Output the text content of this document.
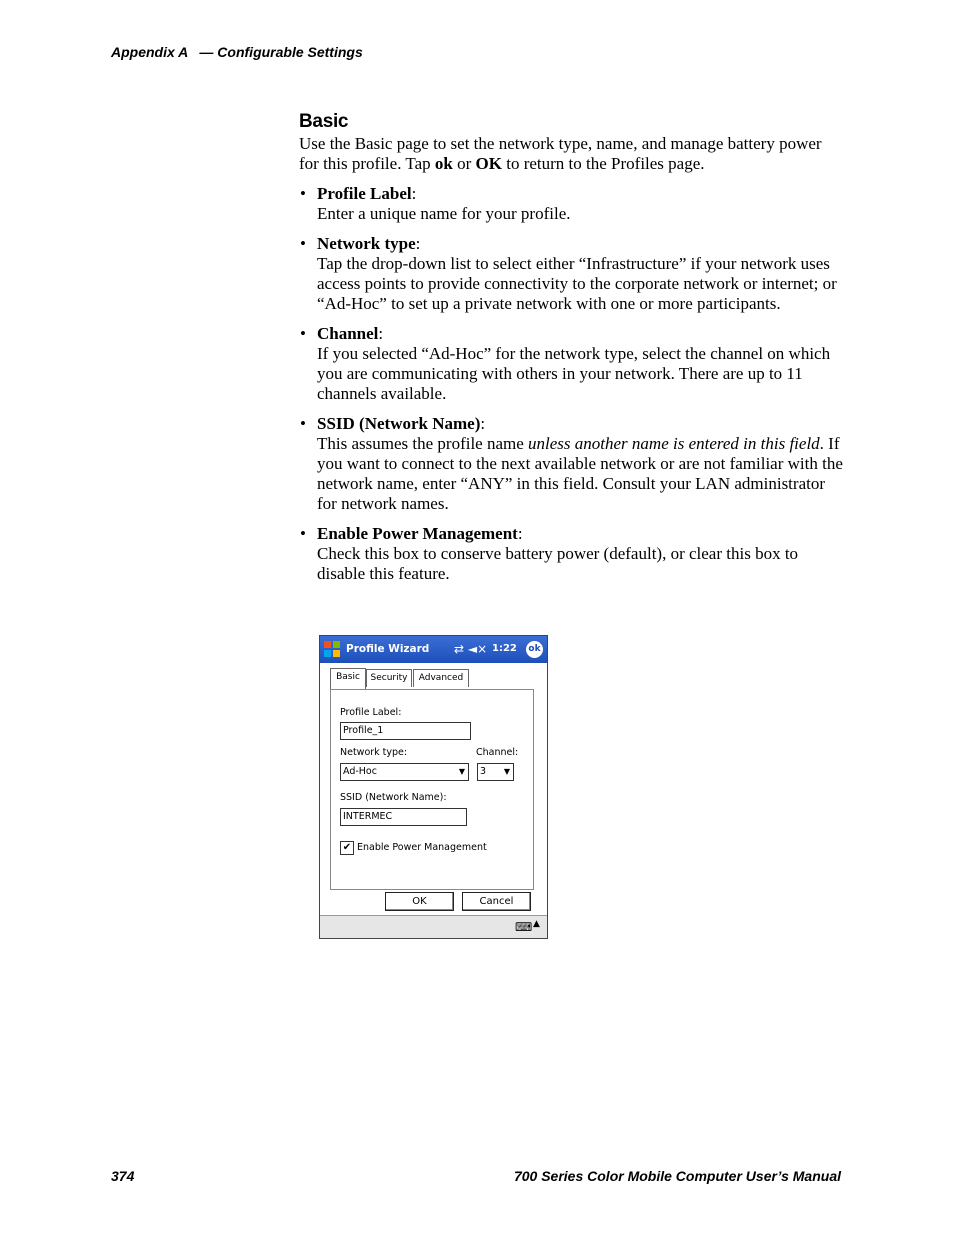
Appendix A   — Configurable Settings
Basic

Use the Basic page to set the network type, name, and manage battery power for this profile. Tap ok or OK to return to the Profiles page.

• Profile Label:
Enter a unique name for your profile.
• Network type:
Tap the drop-down list to select either “Infrastructure” if your network uses access points to provide connectivity to the corporate network or internet; or “Ad-Hoc” to set up a private network with one or more participants.
• Channel:
If you selected “Ad-Hoc” for the network type, select the channel on which you are communicating with others in your network. There are up to 11 channels available.
• SSID (Network Name):
This assumes the profile name unless another name is entered in this field. If you want to connect to the next available network or are not familiar with the network name, enter “ANY” in this field. Consult your LAN administrator for network names.
• Enable Power Management:
Check this box to conserve battery power (default), or clear this box to disable this feature.
Profile Wizard ⇄ ◄× 1:22 ok
Basic	Security	Advanced
Profile Label:
Profile_1
Network type:
Ad-Hoc	▼
Channel:
3 ▼
SSID (Network Name):
INTERMEC
✔ Enable Power Management
OK	Cancel
⌨ ▲
374	700 Series Color Mobile Computer User’s Manual
